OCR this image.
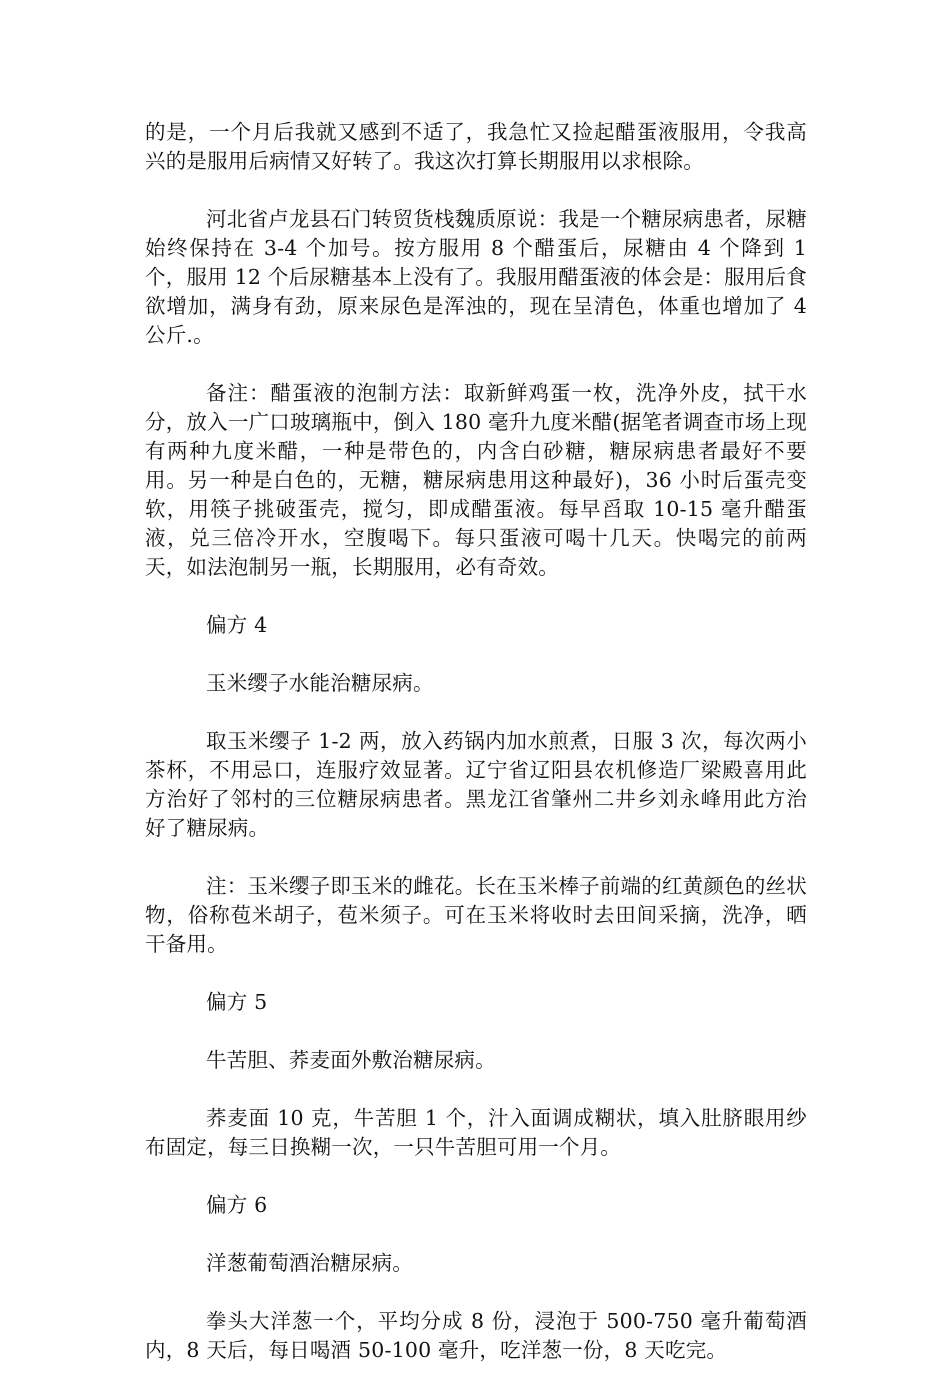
的是，一个月后我就又感到不适了，我急忙又捡起醋蛋液服用，令我高兴的是服用后病情又好转了。我这次打算长期服用以求根除。

河北省卢龙县石门转贸货栈魏质原说：我是一个糖尿病患者，尿糖始终保持在 3-4 个加号。按方服用 8 个醋蛋后，尿糖由 4 个降到 1 个，服用 12 个后尿糖基本上没有了。我服用醋蛋液的体会是：服用后食欲增加，满身有劲，原来尿色是浑浊的，现在呈清色，体重也增加了 4 公斤.。

备注：醋蛋液的泡制方法：取新鲜鸡蛋一枚，洗净外皮，拭干水分，放入一广口玻璃瓶中，倒入 180 毫升九度米醋(据笔者调查市场上现有两种九度米醋，一种是带色的，内含白砂糖，糖尿病患者最好不要用。另一种是白色的，无糖，糖尿病患用这种最好)，36 小时后蛋壳变软，用筷子挑破蛋壳，搅匀，即成醋蛋液。每早舀取 10-15 毫升醋蛋液，兑三倍冷开水，空腹喝下。每只蛋液可喝十几天。快喝完的前两天，如法泡制另一瓶，长期服用，必有奇效。

偏方 4

玉米缨子水能治糖尿病。

取玉米缨子 1-2 两，放入药锅内加水煎煮，日服 3 次，每次两小茶杯，不用忌口，连服疗效显著。辽宁省辽阳县农机修造厂梁殿喜用此方治好了邻村的三位糖尿病患者。黑龙江省肇州二井乡刘永峰用此方治好了糖尿病。

注：玉米缨子即玉米的雌花。长在玉米棒子前端的红黄颜色的丝状物，俗称苞米胡子，苞米须子。可在玉米将收时去田间采摘，洗净，晒干备用。

偏方 5

牛苦胆、荞麦面外敷治糖尿病。

荞麦面 10 克，牛苦胆 1 个，汁入面调成糊状，填入肚脐眼用纱布固定，每三日换糊一次，一只牛苦胆可用一个月。

偏方 6

洋葱葡萄酒治糖尿病。

拳头大洋葱一个，平均分成 8 份，浸泡于 500-750 毫升葡萄酒内，8 天后，每日喝酒 50-100 毫升，吃洋葱一份，8 天吃完。
